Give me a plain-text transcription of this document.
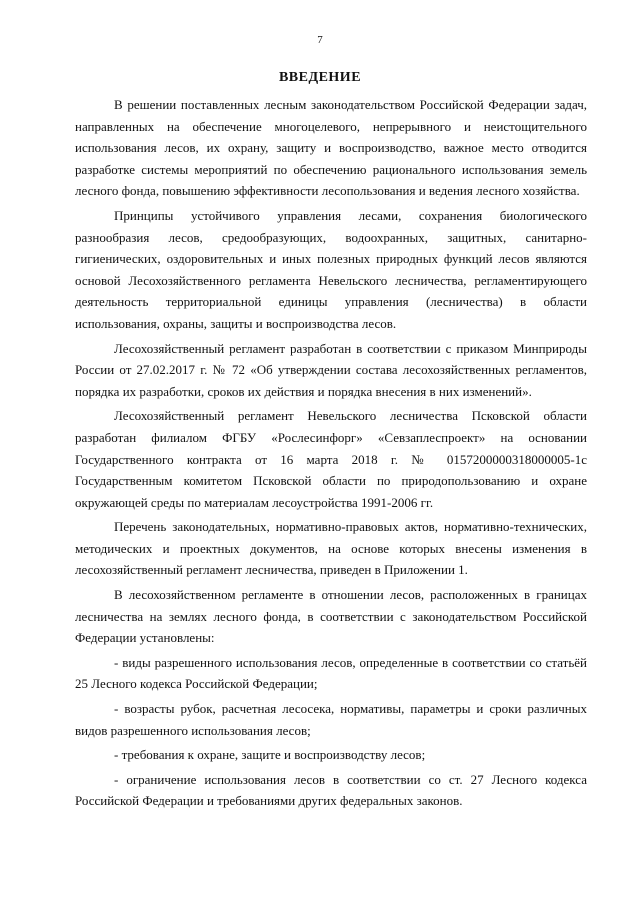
7
ВВЕДЕНИЕ

В решении поставленных лесным законодательством Российской Федерации задач, направленных на обеспечение многоцелевого, непрерывного и неистощительного использования лесов, их охрану, защиту и воспроизводство, важное место отводится разработке системы мероприятий по обеспечению рационального использования земель лесного фонда, повышению эффективности лесопользования и ведения лесного хозяйства.

Принципы устойчивого управления лесами, сохранения биологического разнообразия лесов, средообразующих, водоохранных, защитных, санитарно-гигиенических, оздоровительных и иных полезных природных функций лесов являются основой Лесохозяйственного регламента Невельского лесничества, регламентирующего деятельность территориальной единицы управления (лесничества) в области использования, охраны, защиты и воспроизводства лесов.

Лесохозяйственный регламент разработан в соответствии с приказом Минприроды России от 27.02.2017 г. № 72 «Об утверждении состава лесохозяйственных регламентов, порядка их разработки, сроков их действия и порядка внесения в них изменений».

Лесохозяйственный регламент Невельского лесничества Псковской области разработан филиалом ФГБУ «Рослесинфорг» «Севзаплеспроект» на основании Государственного контракта от 16 марта 2018 г. № 0157200000318000005-1с Государственным комитетом Псковской области по природопользованию и охране окружающей среды по материалам лесоустройства 1991-2006 гг.

Перечень законодательных, нормативно-правовых актов, нормативно-технических, методических и проектных документов, на основе которых внесены изменения в лесохозяйственный регламент лесничества, приведен в Приложении 1.

В лесохозяйственном регламенте в отношении лесов, расположенных в границах лесничества на землях лесного фонда, в соответствии с законодательством Российской Федерации установлены:

- виды разрешенного использования лесов, определенные в соответствии со статьёй 25 Лесного кодекса Российской Федерации;

- возрасты рубок, расчетная лесосека, нормативы, параметры и сроки различных видов разрешенного использования лесов;

- требования к охране, защите и воспроизводству лесов;

- ограничение использования лесов в соответствии со ст. 27 Лесного кодекса Российской Федерации и требованиями других федеральных законов.
